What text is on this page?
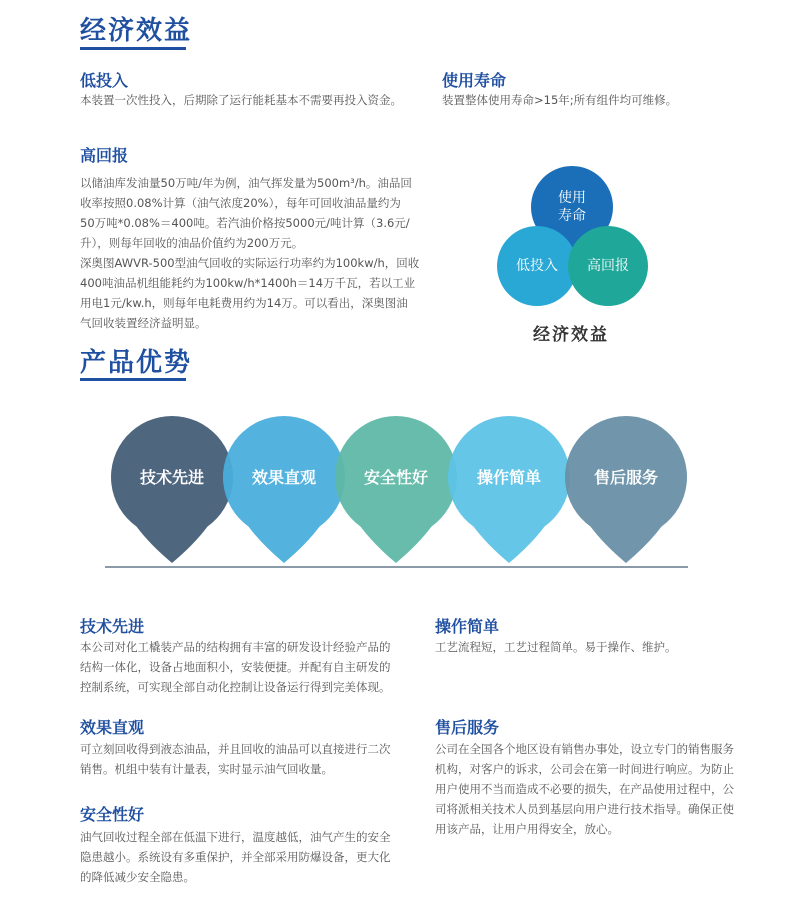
经济效益
低投入
本装置一次性投入，后期除了运行能耗基本不需要再投入资金。
使用寿命
装置整体使用寿命>15年;所有组件均可维修。
高回报
以储油库发油量50万吨/年为例，油气挥发量为500m³/h。油品回
收率按照0.08%计算（油气浓度20%），每年可回收油品量约为
50万吨*0.08%＝400吨。若汽油价格按5000元/吨计算（3.6元/
升），则每年回收的油品价值约为200万元。
深奥图AWVR-500型油气回收的实际运行功率约为100kw/h，回收
400吨油品机组能耗约为100kw/h*1400h＝14万千瓦，若以工业
用电1元/kw.h，则每年电耗费用约为14万。可以看出，深奥图油
气回收装置经济益明显。
使用
寿命
低投入	高回报
经济效益
产品优势
技术先进	效果直观	安全性好	操作简单	售后服务
技术先进
本公司对化工橇装产品的结构拥有丰富的研发设计经验产品的
结构一体化，设备占地面积小，安装便捷。并配有自主研发的
控制系统，可实现全部自动化控制让设备运行得到完美体现。
效果直观
可立刻回收得到液态油品，并且回收的油品可以直接进行二次
销售。机组中装有计量表，实时显示油气回收量。
安全性好
油气回收过程全部在低温下进行，温度越低，油气产生的安全
隐患越小。系统设有多重保护，并全部采用防爆设备，更大化
的降低减少安全隐患。
操作简单
工艺流程短，工艺过程简单。易于操作、维护。
售后服务
公司在全国各个地区设有销售办事处，设立专门的销售服务
机构，对客户的诉求，公司会在第一时间进行响应。为防止
用户使用不当而造成不必要的损失，在产品使用过程中，公
司将派相关技术人员到基层向用户进行技术指导。确保正使
用该产品，让用户用得安全，放心。
